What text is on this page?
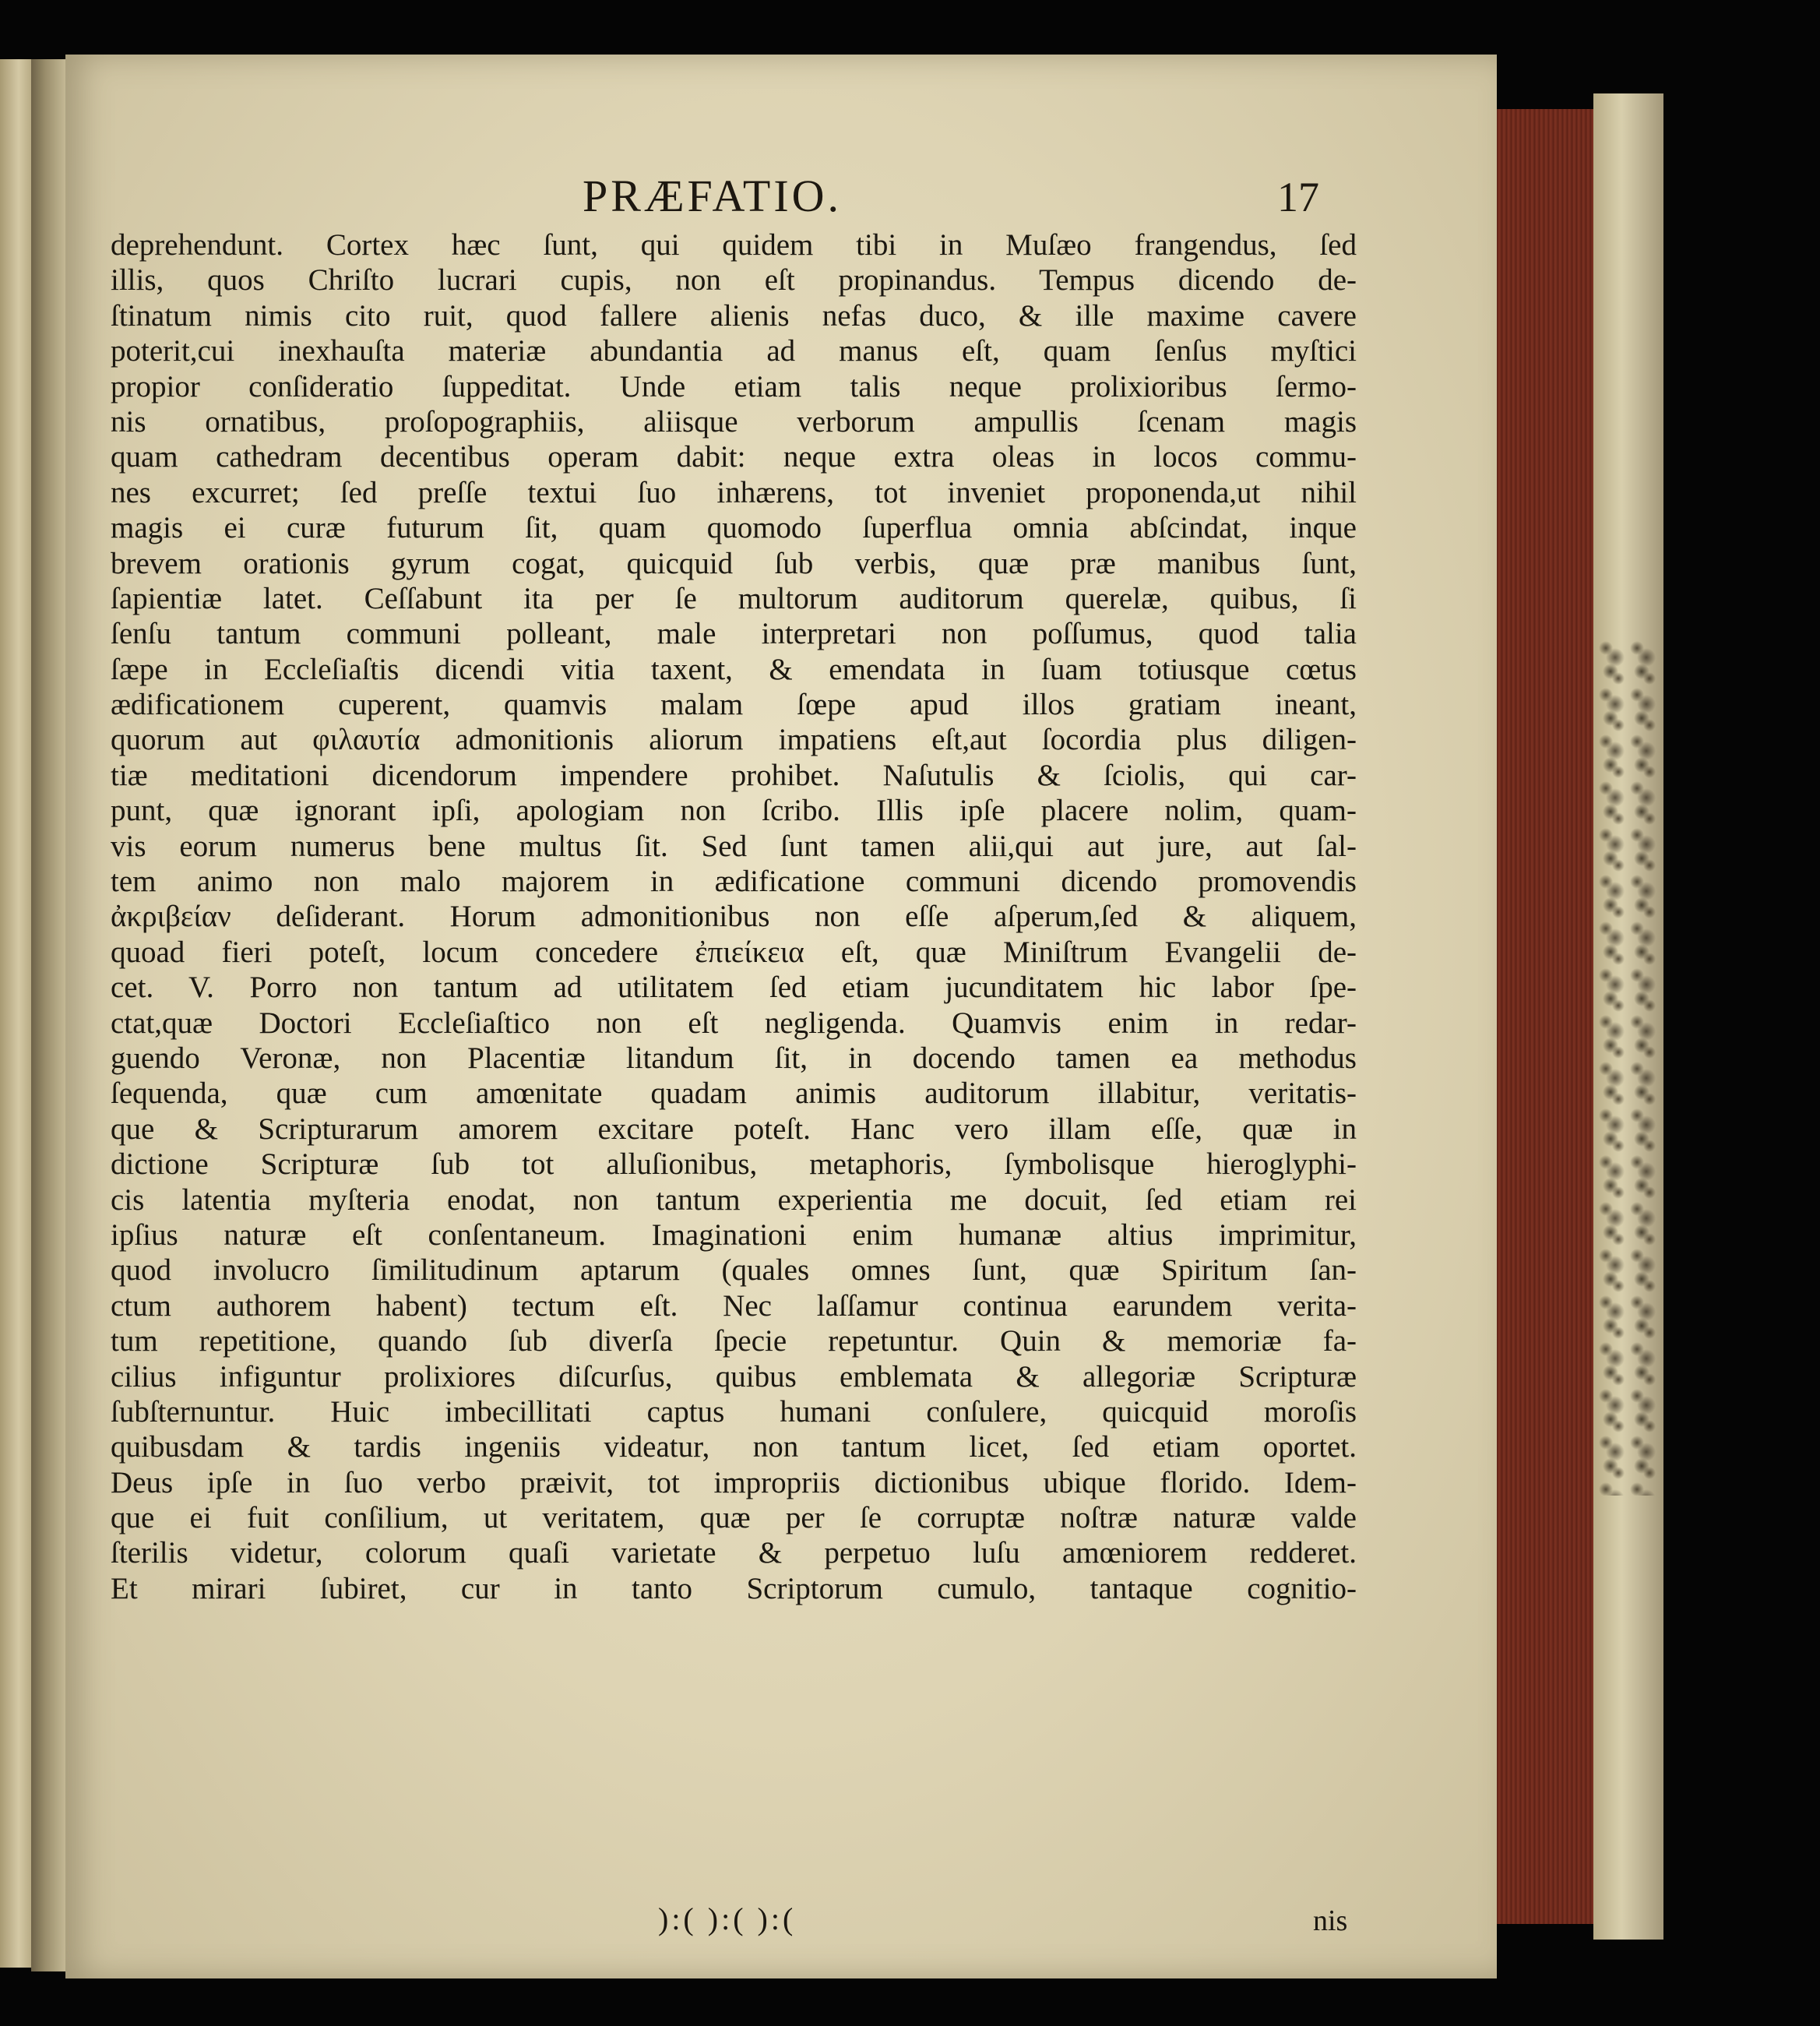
PRÆFATIO.	17
deprehendunt. Cortex hæc ſunt, qui quidem tibi in Muſæo frangendus, ſed
illis, quos Chriſto lucrari cupis, non eſt propinandus. Tempus dicendo de-
ſtinatum nimis cito ruit, quod fallere alienis nefas duco, & ille maxime cavere
poterit,cui inexhauſta materiæ abundantia ad manus eſt, quam ſenſus myſtici
propior conſideratio ſuppeditat. Unde etiam talis neque prolixioribus ſermo-
nis ornatibus, proſopographiis, aliisque verborum ampullis ſcenam magis
quam cathedram decentibus operam dabit: neque extra oleas in locos commu-
nes excurret; ſed preſſe textui ſuo inhærens, tot inveniet proponenda,ut nihil
magis ei curæ futurum ſit, quam quomodo ſuperflua omnia abſcindat, inque
brevem orationis gyrum cogat, quicquid ſub verbis, quæ præ manibus ſunt,
ſapientiæ latet. Ceſſabunt ita per ſe multorum auditorum querelæ, quibus, ſi
ſenſu tantum communi polleant, male interpretari non poſſumus, quod talia
ſæpe in Eccleſiaſtis dicendi vitia taxent, & emendata in ſuam totiusque cœtus
ædificationem cuperent, quamvis malam ſœpe apud illos gratiam ineant,
quorum aut φιλαυτία admonitionis aliorum impatiens eſt,aut ſocordia plus diligen-
tiæ meditationi dicendorum impendere prohibet. Naſutulis & ſciolis, qui car-
punt, quæ ignorant ipſi, apologiam non ſcribo. Illis ipſe placere nolim, quam-
vis eorum numerus bene multus ſit. Sed ſunt tamen alii,qui aut jure, aut ſal-
tem animo non malo majorem in ædificatione communi dicendo promovendis
ἀκριβείαν deſiderant. Horum admonitionibus non eſſe aſperum,ſed & aliquem,
quoad fieri poteſt, locum concedere ἐπιείκεια eſt, quæ Miniſtrum Evangelii de-
cet. V. Porro non tantum ad utilitatem ſed etiam jucunditatem hic labor ſpe-
ctat,quæ Doctori Eccleſiaſtico non eſt negligenda. Quamvis enim in redar-
guendo Veronæ, non Placentiæ litandum ſit, in docendo tamen ea methodus
ſequenda, quæ cum amœnitate quadam animis auditorum illabitur, veritatis-
que & Scripturarum amorem excitare poteſt. Hanc vero illam eſſe, quæ in
dictione Scripturæ ſub tot alluſionibus, metaphoris, ſymbolisque hieroglyphi-
cis latentia myſteria enodat, non tantum experientia me docuit, ſed etiam rei
ipſius naturæ eſt conſentaneum. Imaginationi enim humanæ altius imprimitur,
quod involucro ſimilitudinum aptarum (quales omnes ſunt, quæ Spiritum ſan-
ctum authorem habent) tectum eſt. Nec laſſamur continua earundem verita-
tum repetitione, quando ſub diverſa ſpecie repetuntur. Quin & memoriæ fa-
cilius infiguntur prolixiores diſcurſus, quibus emblemata & allegoriæ Scripturæ
ſubſternuntur. Huic imbecillitati captus humani conſulere, quicquid moroſis
quibusdam & tardis ingeniis videatur, non tantum licet, ſed etiam oportet.
Deus ipſe in ſuo verbo præivit, tot impropriis dictionibus ubique florido. Idem-
que ei fuit conſilium, ut veritatem, quæ per ſe corruptæ noſtræ naturæ valde
ſterilis videtur, colorum quaſi varietate & perpetuo luſu amœniorem redderet.
Et mirari ſubiret, cur in tanto Scriptorum cumulo, tantaque cognitio-
):( ):( ):(	nis
